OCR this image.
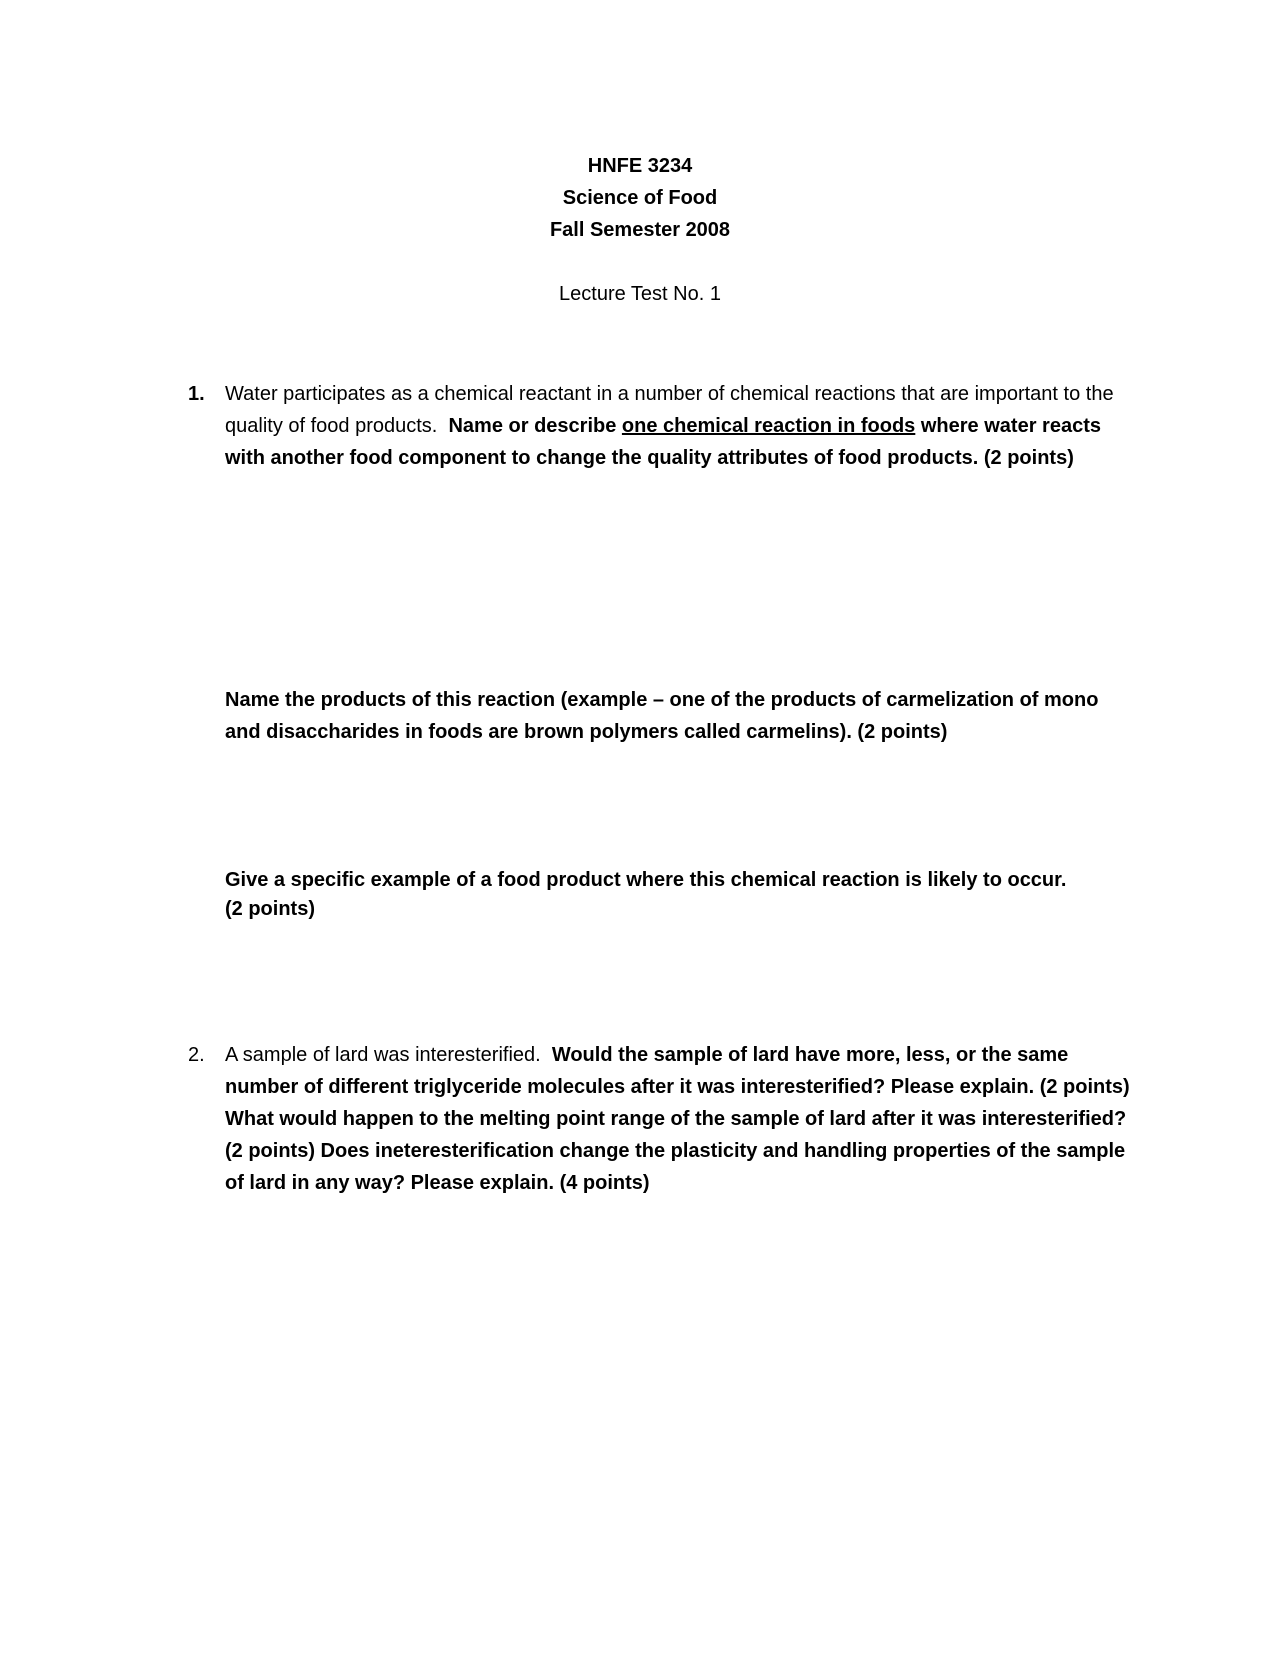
HNFE 3234
Science of Food
Fall Semester 2008
Lecture Test No. 1
1.	Water participates as a chemical reactant in a number of chemical reactions that are important to the quality of food products. Name or describe one chemical reaction in foods where water reacts with another food component to change the quality attributes of food products. (2 points)
Name the products of this reaction (example – one of the products of carmelization of mono and disaccharides in foods are brown polymers called carmelins). (2 points)
Give a specific example of a food product where this chemical reaction is likely to occur.
(2 points)
2.	A sample of lard was interesterified. Would the sample of lard have more, less, or the same number of different triglyceride molecules after it was interesterified? Please explain. (2 points) What would happen to the melting point range of the sample of lard after it was interesterified? (2 points) Does ineteresterification change the plasticity and handling properties of the sample of lard in any way? Please explain. (4 points)
